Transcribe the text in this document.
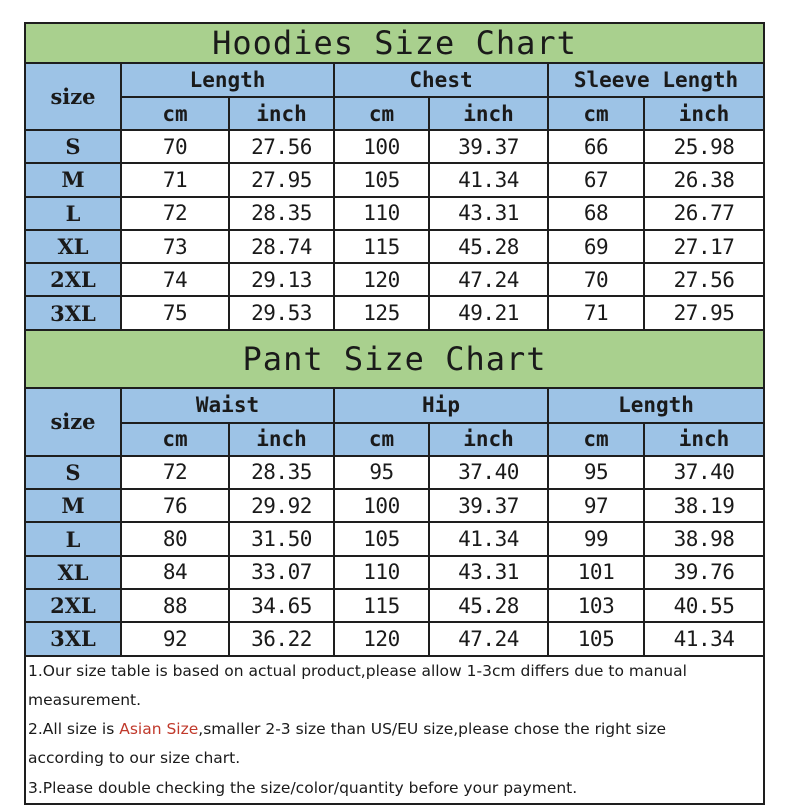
Hoodies Size Chart						
size	Length		Chest		Sleeve Length	
	cm	inch	cm	inch	cm	inch
S	70	27.56	100	39.37	66	25.98
M	71	27.95	105	41.34	67	26.38
L	72	28.35	110	43.31	68	26.77
XL	73	28.74	115	45.28	69	27.17
2XL	74	29.13	120	47.24	70	27.56
3XL	75	29.53	125	49.21	71	27.95
Pant Size Chart						
size	Waist		Hip		Length	
	cm	inch	cm	inch	cm	inch
S	72	28.35	95	37.40	95	37.40
M	76	29.92	100	39.37	97	38.19
L	80	31.50	105	41.34	99	38.98
XL	84	33.07	110	43.31	101	39.76
2XL	88	34.65	115	45.28	103	40.55
3XL	92	36.22	120	47.24	105	41.34

1.Our size table is based on actual product,please allow 1-3cm differs due to manual
measurement.
2.All size is Asian Size,smaller 2-3 size than US/EU size,please chose the right size
according to our size chart.
3.Please double checking the size/color/quantity before your payment.						
